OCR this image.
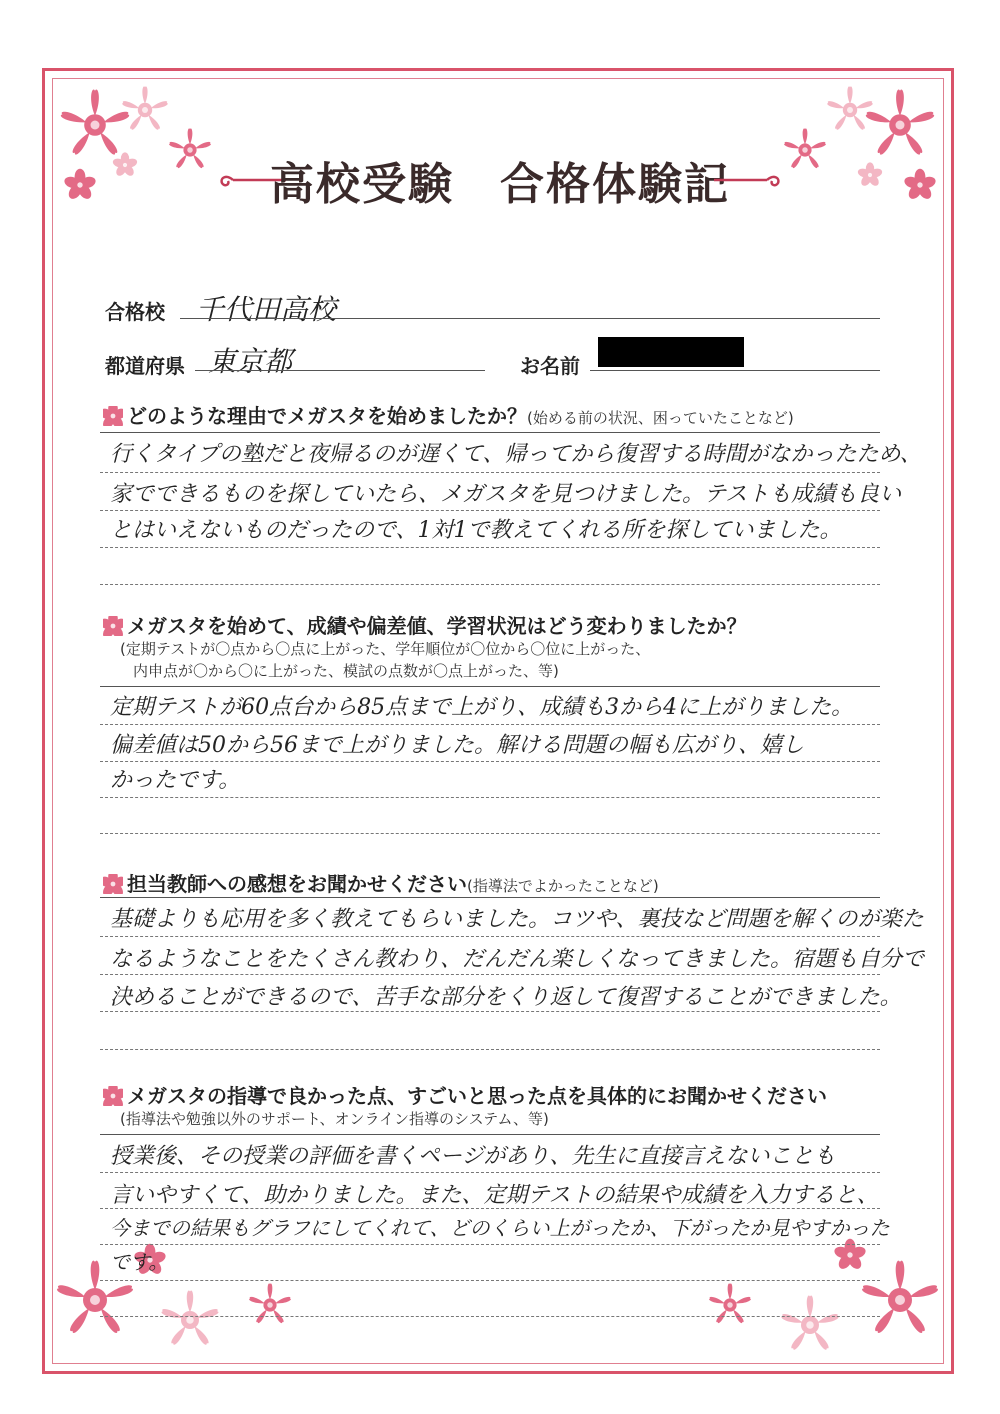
高校受験　合格体験記
合格校 千代田高校
都道府県 東京都	お名前
どのような理由でメガスタを始めましたか？(始める前の状況、困っていたことなど)
行くタイプの塾だと夜帰るのが遅くて、帰ってから復習する時間がなかったため、
家でできるものを探していたら、メガスタを見つけました。テストも成績も良い
とはいえないものだったので、1対1で教えてくれる所を探していました。
メガスタを始めて、成績や偏差値、学習状況はどう変わりましたか？
(定期テストが〇点から〇点に上がった、学年順位が〇位から〇位に上がった、
内申点が〇から〇に上がった、模試の点数が〇点上がった、等)
定期テストが60点台から85点まで上がり、成績も3から4に上がりました。
偏差値は50から56まで上がりました。解ける問題の幅も広がり、嬉し
かったです。
担当教師への感想をお聞かせください(指導法でよかったことなど)
基礎よりも応用を多く教えてもらいました。コツや、裏技など問題を解くのが楽た
なるようなことをたくさん教わり、だんだん楽しくなってきました。宿題も自分で
決めることができるので、苦手な部分をくり返して復習することができました。
メガスタの指導で良かった点、すごいと思った点を具体的にお聞かせください
(指導法や勉強以外のサポート、オンライン指導のシステム、等)
授業後、その授業の評価を書くページがあり、先生に直接言えないことも
言いやすくて、助かりました。また、定期テストの結果や成績を入力すると、
今までの結果もグラフにしてくれて、どのくらい上がったか、下がったか見やすかった
です。
